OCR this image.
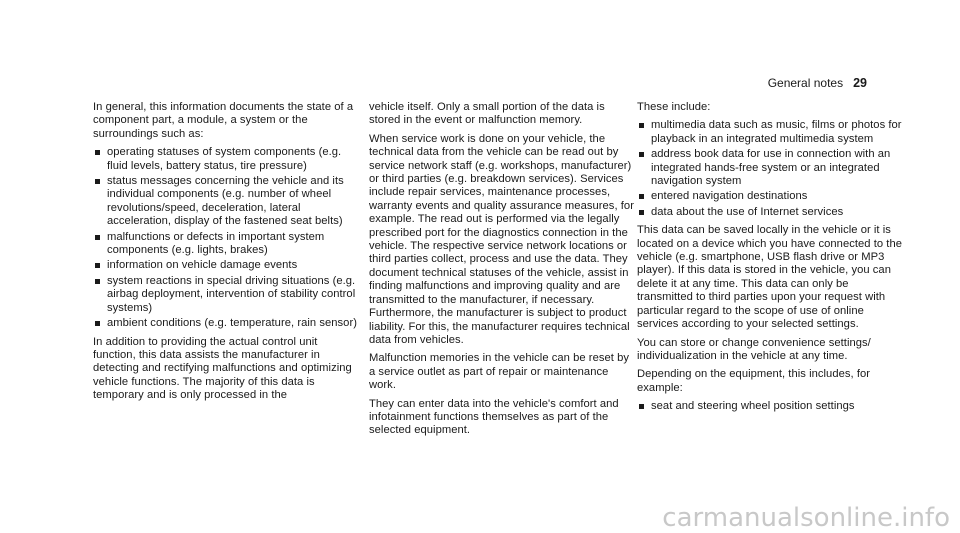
General notes 29

In general, this information documents the state of a component part, a module, a system or the surroundings such as:

operating statuses of system components (e.g. fluid levels, battery status, tire pressure)
status messages concerning the vehicle and its individual components (e.g. number of wheel revolutions/speed, deceleration, lateral acceleration, display of the fastened seat belts)
malfunctions or defects in important system components (e.g. lights, brakes)
information on vehicle damage events
system reactions in special driving situations (e.g. airbag deployment, intervention of stability control systems)
ambient conditions (e.g. temperature, rain sensor)

In addition to providing the actual control unit function, this data assists the manufacturer in detecting and rectifying malfunctions and optimizing vehicle functions. The majority of this data is temporary and is only processed in the

vehicle itself. Only a small portion of the data is stored in the event or malfunction memory.

When service work is done on your vehicle, the technical data from the vehicle can be read out by service network staff (e.g. workshops, manufacturer) or third parties (e.g. breakdown services). Services include repair services, maintenance processes, warranty events and quality assurance measures, for example. The read out is performed via the legally prescribed port for the diagnostics connection in the vehicle. The respective service network locations or third parties collect, process and use the data. They document technical statuses of the vehicle, assist in finding malfunctions and improving quality and are transmitted to the manufacturer, if necessary. Furthermore, the manufacturer is subject to product liability. For this, the manufacturer requires technical data from vehicles.

Malfunction memories in the vehicle can be reset by a service outlet as part of repair or maintenance work.

They can enter data into the vehicle's comfort and infotainment functions themselves as part of the selected equipment.

These include:

multimedia data such as music, films or photos for playback in an integrated multimedia system
address book data for use in connection with an integrated hands-free system or an integrated navigation system
entered navigation destinations
data about the use of Internet services

This data can be saved locally in the vehicle or it is located on a device which you have connected to the vehicle (e.g. smartphone, USB flash drive or MP3 player). If this data is stored in the vehicle, you can delete it at any time. This data can only be transmitted to third parties upon your request with particular regard to the scope of use of online services according to your selected settings.

You can store or change convenience settings/ individualization in the vehicle at any time.

Depending on the equipment, this includes, for example:

seat and steering wheel position settings
carmanualsonline.info
